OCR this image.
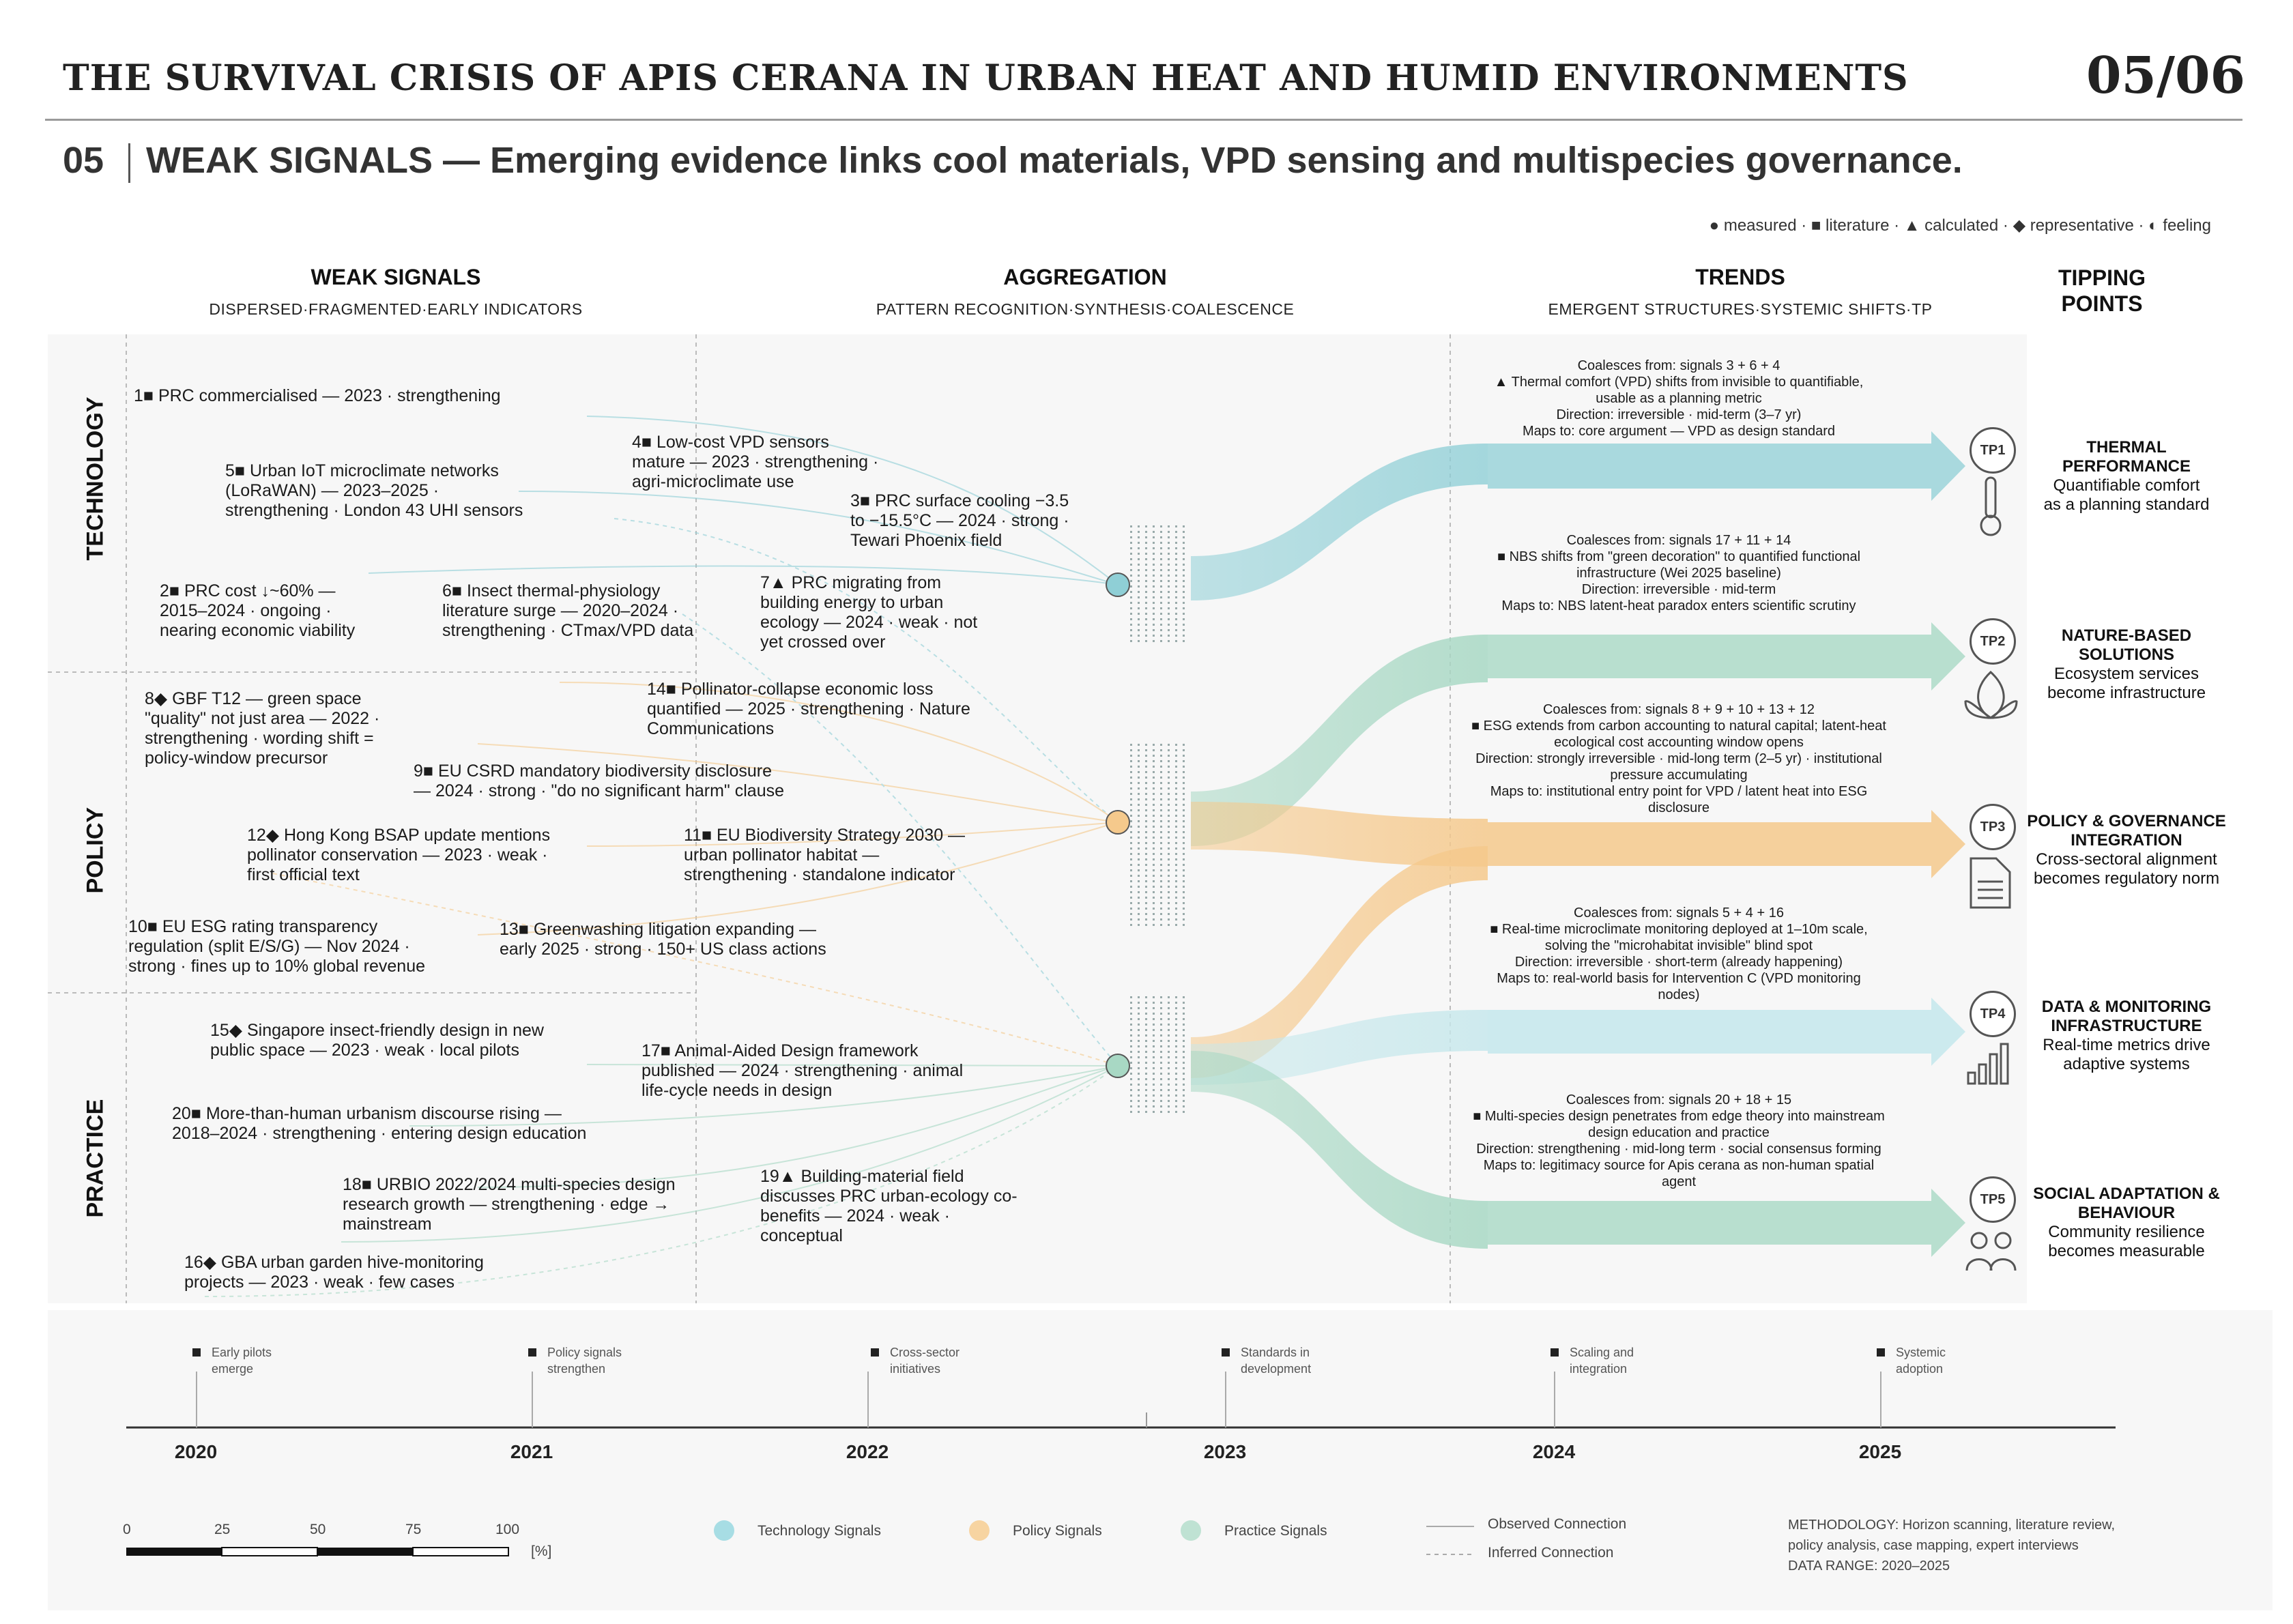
THE SURVIVAL CRISIS OF APIS CERANA IN URBAN HEAT AND HUMID ENVIRONMENTS	05/06
05 WEAK SIGNALS — Emerging evidence links cool materials, VPD sensing and multispecies governance.
● measured · ■ literature · ▲ calculated · ◆ representative · ◐ feeling
WEAK SIGNALS
DISPERSED·FRAGMENTED·EARLY INDICATORS
AGGREGATION
PATTERN RECOGNITION·SYNTHESIS·COALESCENCE
TRENDS
EMERGENT STRUCTURES·SYSTEMIC SHIFTS·TP
TIPPING
POINTS
TECHNOLOGY
POLICY
PRACTICE
1■ PRC commercialised — 2023 · strengthening
5■ Urban IoT microclimate networks
(LoRaWAN) — 2023–2025 ·
strengthening · London 43 UHI sensors
4■ Low-cost VPD sensors
mature — 2023 · strengthening ·
agri-microclimate use
3■ PRC surface cooling −3.5
to −15.5°C — 2024 · strong ·
Tewari Phoenix field
2■ PRC cost ↓~60% —
2015–2024 · ongoing ·
nearing economic viability
6■ Insect thermal-physiology
literature surge — 2020–2024 ·
strengthening · CTmax/VPD data
7▲ PRC migrating from
building energy to urban
ecology — 2024 · weak · not
yet crossed over
8◆ GBF T12 — green space
"quality" not just area — 2022 ·
strengthening · wording shift =
policy-window precursor
14■ Pollinator-collapse economic loss
quantified — 2025 · strengthening · Nature
Communications
9■ EU CSRD mandatory biodiversity disclosure
— 2024 · strong · "do no significant harm" clause
12◆ Hong Kong BSAP update mentions
pollinator conservation — 2023 · weak ·
first official text
11■ EU Biodiversity Strategy 2030 —
urban pollinator habitat —
strengthening · standalone indicator
10■ EU ESG rating transparency
regulation (split E/S/G) — Nov 2024 ·
strong · fines up to 10% global revenue
13■ Greenwashing litigation expanding —
early 2025 · strong · 150+ US class actions
15◆ Singapore insect-friendly design in new
public space — 2023 · weak · local pilots	17■ Animal-Aided Design framework
published — 2024 · strengthening · animal
life-cycle needs in design
20■ More-than-human urbanism discourse rising —
2018–2024 · strengthening · entering design education
18■ URBIO 2022/2024 multi-species design
research growth — strengthening · edge →
mainstream
19▲ Building-material field
discusses PRC urban-ecology co-
benefits — 2024 · weak ·
conceptual
16◆ GBA urban garden hive-monitoring
projects — 2023 · weak · few cases
Coalesces from: signals 3 + 6 + 4
▲ Thermal comfort (VPD) shifts from invisible to quantifiable,
usable as a planning metric
Direction: irreversible · mid-term (3–7 yr)
Maps to: core argument — VPD as design standard
Coalesces from: signals 17 + 11 + 14
■ NBS shifts from "green decoration" to quantified functional
infrastructure (Wei 2025 baseline)
Direction: irreversible · mid-term
Maps to: NBS latent-heat paradox enters scientific scrutiny
Coalesces from: signals 8 + 9 + 10 + 13 + 12
■ ESG extends from carbon accounting to natural capital; latent-heat
ecological cost accounting window opens
Direction: strongly irreversible · mid-long term (2–5 yr) · institutional
pressure accumulating
Maps to: institutional entry point for VPD / latent heat into ESG
disclosure
Coalesces from: signals 5 + 4 + 16
■ Real-time microclimate monitoring deployed at 1–10m scale,
solving the "microhabitat invisible" blind spot
Direction: irreversible · short-term (already happening)
Maps to: real-world basis for Intervention C (VPD monitoring
nodes)
Coalesces from: signals 20 + 18 + 15
■ Multi-species design penetrates from edge theory into mainstream
design education and practice
Direction: strengthening · mid-long term · social consensus forming
Maps to: legitimacy source for Apis cerana as non-human spatial
agent
TP1	THERMAL
PERFORMANCE
Quantifiable comfort
as a planning standard
TP2	NATURE-BASED
SOLUTIONS
Ecosystem services
become infrastructure
TP3	POLICY & GOVERNANCE
INTEGRATION
Cross-sectoral alignment
becomes regulatory norm
TP4	DATA & MONITORING
INFRASTRUCTURE
Real-time metrics drive
adaptive systems
TP5	SOCIAL ADAPTATION &
BEHAVIOUR
Community resilience
becomes measurable
Early pilots
emerge
Policy signals
strengthen
Cross-sector
initiatives
Standards in
development
Scaling and
integration
Systemic
adoption
2020	2021	2022	2023	2024	2025
0	25	50	75	100
[%]
Technology Signals	Policy Signals	Practice Signals	Observed Connection
Inferred Connection
METHODOLOGY: Horizon scanning, literature review,
policy analysis, case mapping, expert interviews
DATA RANGE: 2020–2025
